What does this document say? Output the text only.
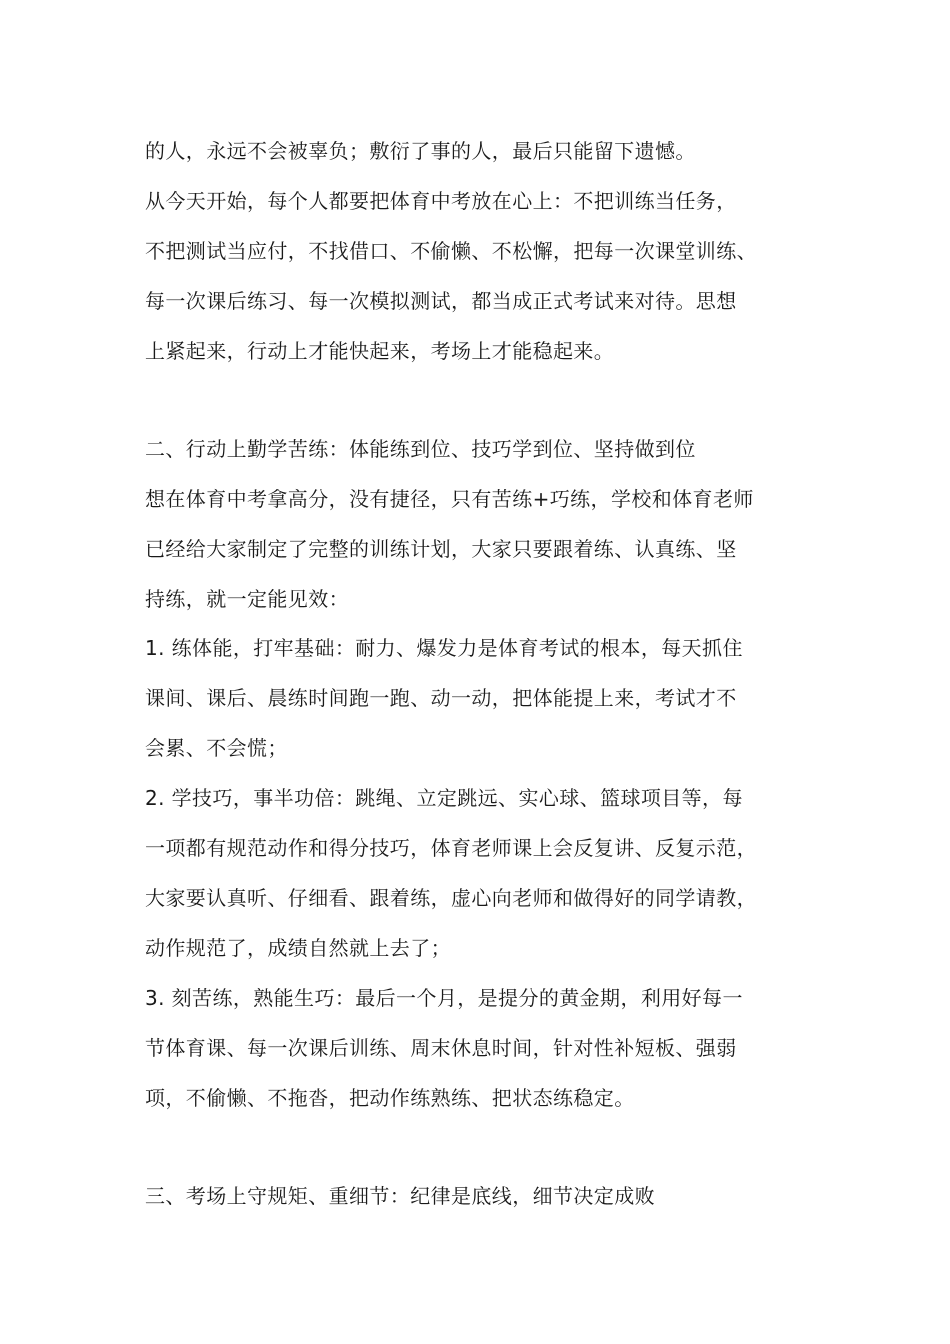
的人，永远不会被辜负；敷衍了事的人，最后只能留下遗憾。
从今天开始，每个人都要把体育中考放在心上：不把训练当任务，
不把测试当应付，不找借口、不偷懒、不松懈，把每一次课堂训练、
每一次课后练习、每一次模拟测试，都当成正式考试来对待。思想
上紧起来，行动上才能快起来，考场上才能稳起来。
二、行动上勤学苦练：体能练到位、技巧学到位、坚持做到位
想在体育中考拿高分，没有捷径，只有苦练+巧练，学校和体育老师
已经给大家制定了完整的训练计划，大家只要跟着练、认真练、坚
持练，就一定能见效：
1. 练体能，打牢基础：耐力、爆发力是体育考试的根本，每天抓住
课间、课后、晨练时间跑一跑、动一动，把体能提上来，考试才不
会累、不会慌；
2. 学技巧，事半功倍：跳绳、立定跳远、实心球、篮球项目等，每
一项都有规范动作和得分技巧，体育老师课上会反复讲、反复示范，
大家要认真听、仔细看、跟着练，虚心向老师和做得好的同学请教，
动作规范了，成绩自然就上去了；
3. 刻苦练，熟能生巧：最后一个月，是提分的黄金期，利用好每一
节体育课、每一次课后训练、周末休息时间，针对性补短板、强弱
项，不偷懒、不拖沓，把动作练熟练、把状态练稳定。
三、考场上守规矩、重细节：纪律是底线，细节决定成败
